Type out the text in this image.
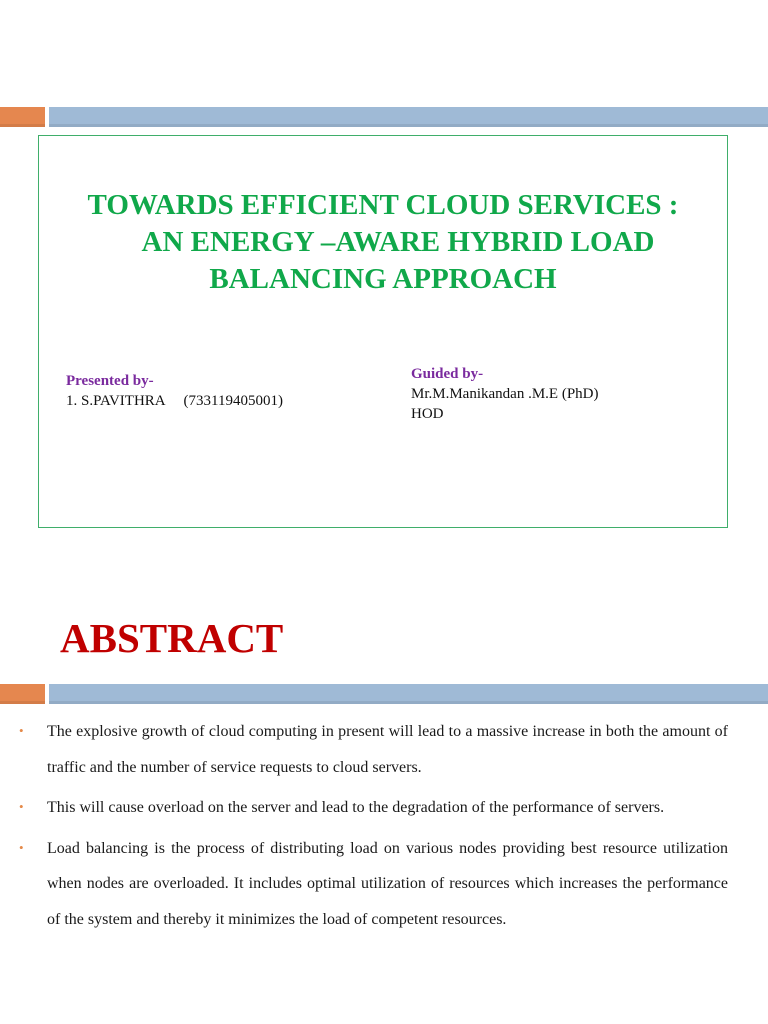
TOWARDS EFFICIENT CLOUD SERVICES :
AN ENERGY –AWARE HYBRID LOAD
BALANCING APPROACH
Presented by-
1. S.PAVITHRA     (733119405001)
Guided by-
Mr.M.Manikandan .M.E (PhD)
HOD
ABSTRACT
• The explosive growth of cloud computing in present will lead to a massive increase in both the amount of traffic and the number of service requests to cloud servers.
• This will cause overload on the server and lead to the degradation of the performance of servers.
• Load balancing is the process of distributing load on various nodes providing best resource utilization when nodes are overloaded. It includes optimal utilization of resources which increases the performance of the system and thereby it minimizes the load of competent resources.
